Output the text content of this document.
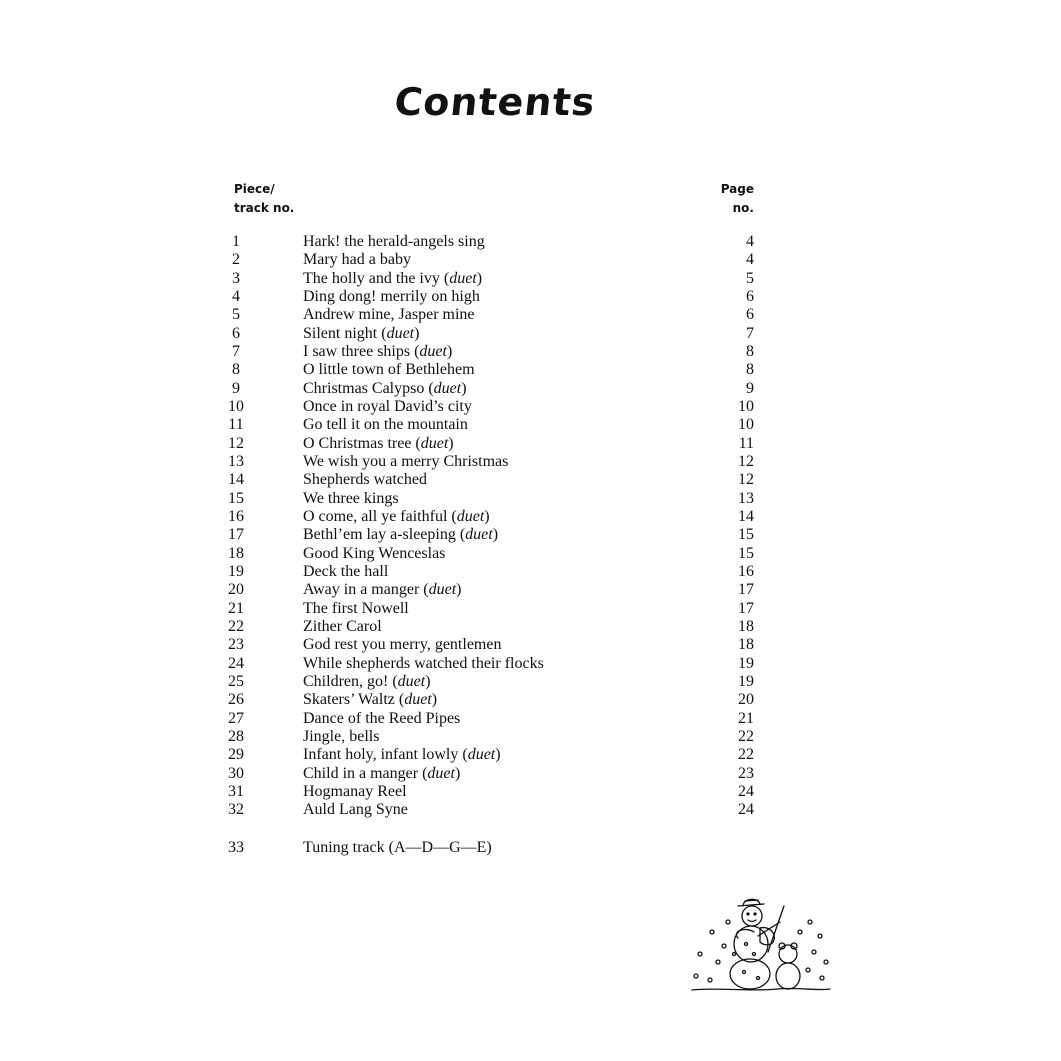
Contents
Piece/
track no.
Page
no.
1	Hark! the herald-angels sing	4
2	Mary had a baby	4
3	The holly and the ivy (duet)	5
4	Ding dong! merrily on high	6
5	Andrew mine, Jasper mine	6
6	Silent night (duet)	7
7	I saw three ships (duet)	8
8	O little town of Bethlehem	8
9	Christmas Calypso (duet)	9
10	Once in royal David’s city	10
11	Go tell it on the mountain	10
12	O Christmas tree (duet)	11
13	We wish you a merry Christmas	12
14	Shepherds watched	12
15	We three kings	13
16	O come, all ye faithful (duet)	14
17	Bethl’em lay a-sleeping (duet)	15
18	Good King Wenceslas	15
19	Deck the hall	16
20	Away in a manger (duet)	17
21	The first Nowell	17
22	Zither Carol	18
23	God rest you merry, gentlemen	18
24	While shepherds watched their flocks	19
25	Children, go! (duet)	19
26	Skaters’ Waltz (duet)	20
27	Dance of the Reed Pipes	21
28	Jingle, bells	22
29	Infant holy, infant lowly (duet)	22
30	Child in a manger (duet)	23
31	Hogmanay Reel	24
32	Auld Lang Syne	24
33	Tuning track (A—D—G—E)
